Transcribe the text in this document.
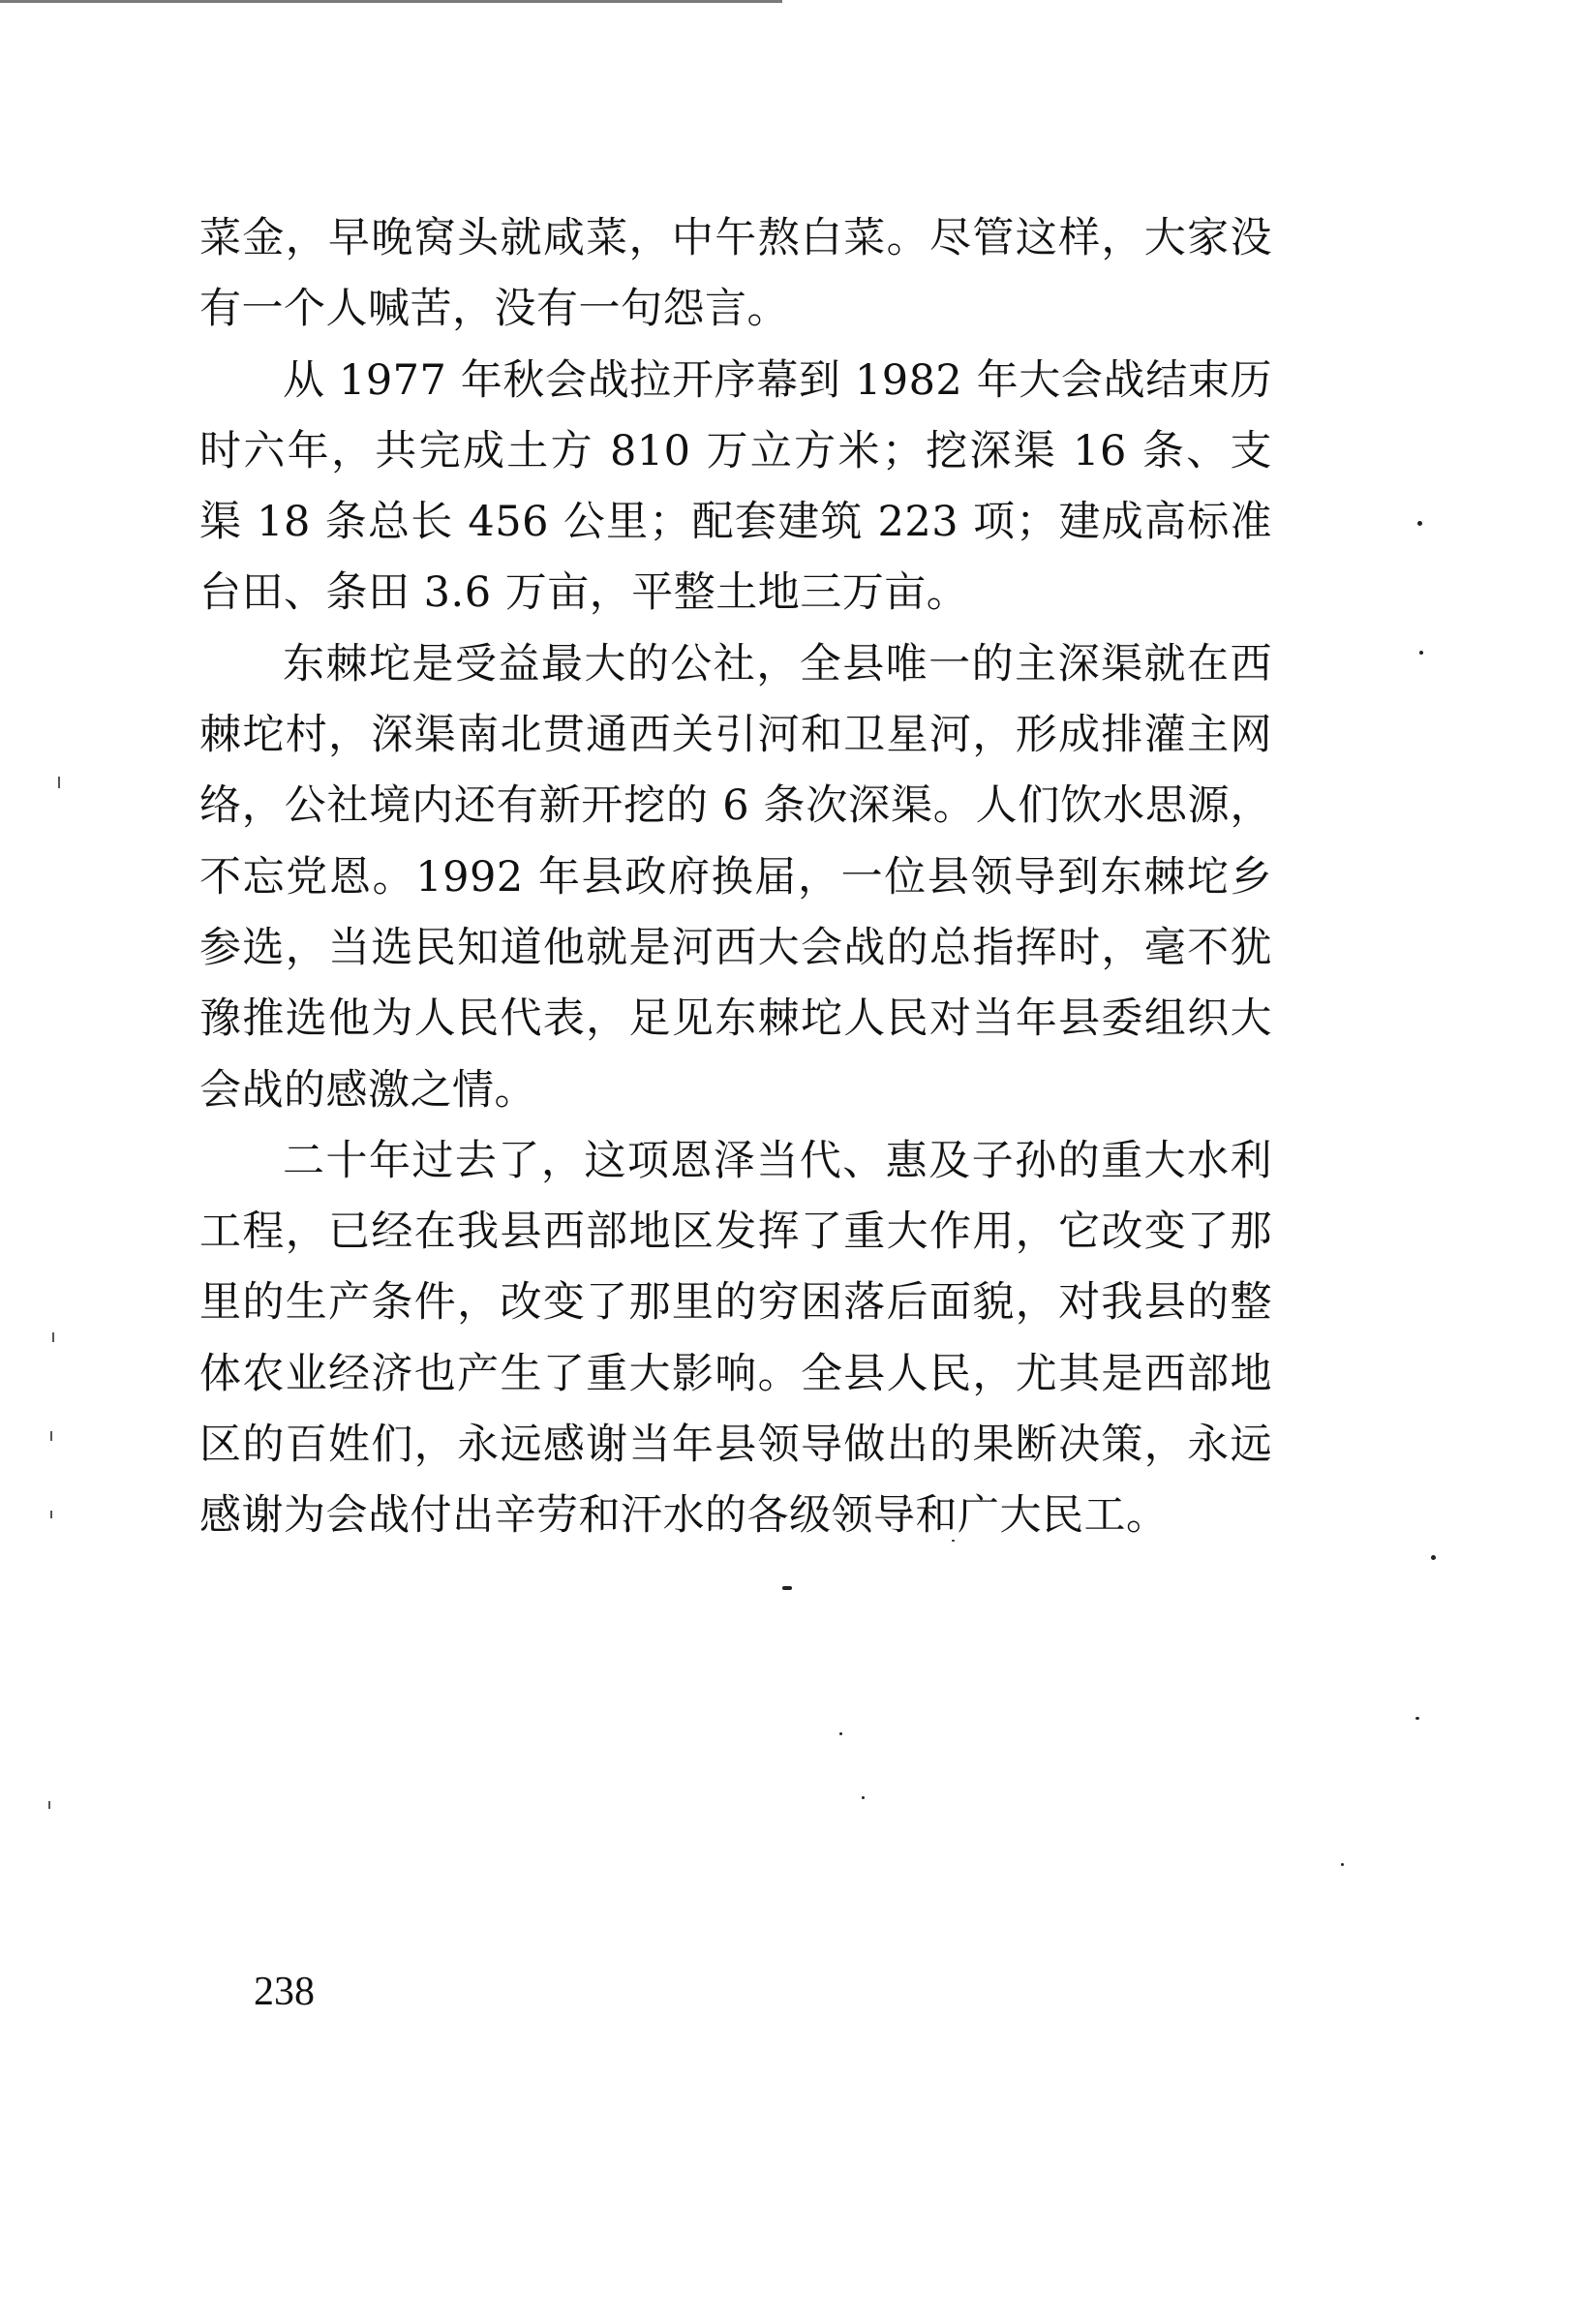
菜金，早晚窝头就咸菜，中午熬白菜。尽管这样，大家没有一个人喊苦，没有一句怨言。

从 1977 年秋会战拉开序幕到 1982 年大会战结束历时六年，共完成土方 810 万立方米；挖深渠 16 条、支渠 18 条总长 456 公里；配套建筑 223 项；建成高标准台田、条田 3.6 万亩，平整土地三万亩。

东棘坨是受益最大的公社，全县唯一的主深渠就在西棘坨村，深渠南北贯通西关引河和卫星河，形成排灌主网络，公社境内还有新开挖的 6 条次深渠。人们饮水思源，不忘党恩。1992 年县政府换届，一位县领导到东棘坨乡参选，当选民知道他就是河西大会战的总指挥时，毫不犹豫推选他为人民代表，足见东棘坨人民对当年县委组织大会战的感激之情。

二十年过去了，这项恩泽当代、惠及子孙的重大水利工程，已经在我县西部地区发挥了重大作用，它改变了那里的生产条件，改变了那里的穷困落后面貌，对我县的整体农业经济也产生了重大影响。全县人民，尤其是西部地区的百姓们，永远感谢当年县领导做出的果断决策，永远感谢为会战付出辛劳和汗水的各级领导和广大民工。

238
